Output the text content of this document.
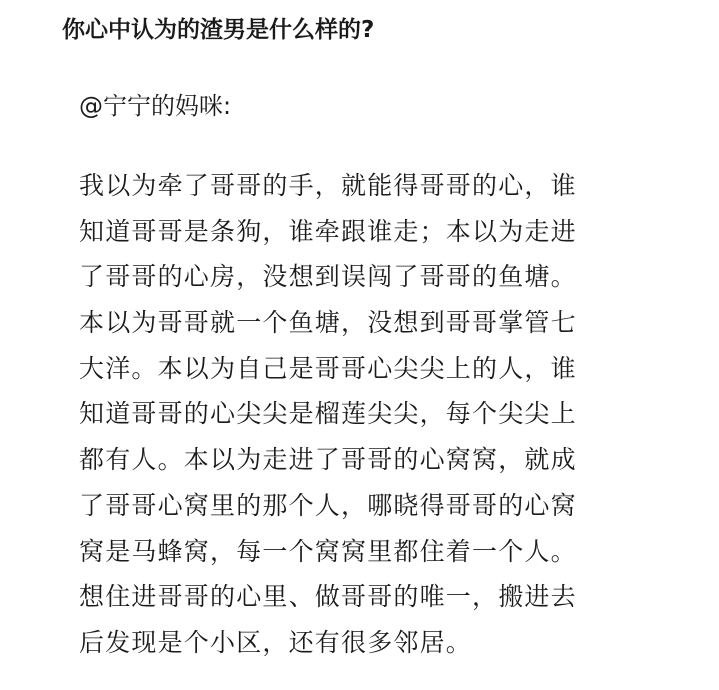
你心中认为的渣男是什么样的?
@宁宁的妈咪:
我以为牵了哥哥的手，就能得哥哥的心，谁
知道哥哥是条狗，谁牵跟谁走；本以为走进
了哥哥的心房，没想到误闯了哥哥的鱼塘。
本以为哥哥就一个鱼塘，没想到哥哥掌管七
大洋。本以为自己是哥哥心尖尖上的人，谁
知道哥哥的心尖尖是榴莲尖尖，每个尖尖上
都有人。本以为走进了哥哥的心窝窝，就成
了哥哥心窝里的那个人，哪晓得哥哥的心窝
窝是马蜂窝，每一个窝窝里都住着一个人。
想住进哥哥的心里、做哥哥的唯一，搬进去
后发现是个小区，还有很多邻居。
